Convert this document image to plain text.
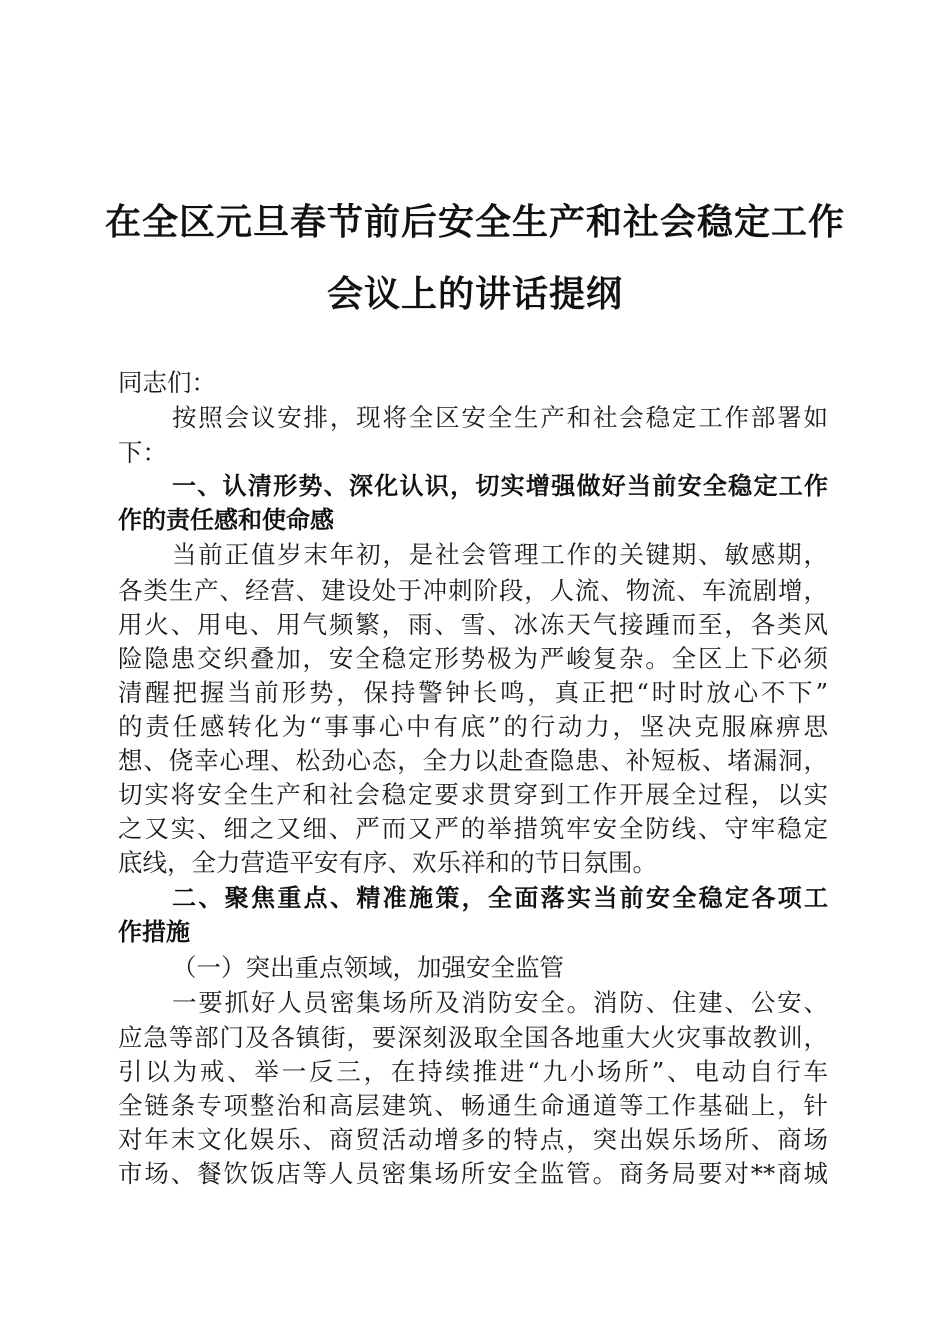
在全区元旦春节前后安全生产和社会稳定工作
会议上的讲话提纲
同志们：
按照会议安排，现将全区安全生产和社会稳定工作部署如
下：
一、认清形势、深化认识，切实增强做好当前安全稳定工作
作的责任感和使命感
当前正值岁末年初，是社会管理工作的关键期、敏感期，
各类生产、经营、建设处于冲刺阶段，人流、物流、车流剧增，
用火、用电、用气频繁，雨、雪、冰冻天气接踵而至，各类风
险隐患交织叠加，安全稳定形势极为严峻复杂。全区上下必须
清醒把握当前形势，保持警钟长鸣，真正把“时时放心不下”
的责任感转化为“事事心中有底”的行动力，坚决克服麻痹思
想、侥幸心理、松劲心态，全力以赴查隐患、补短板、堵漏洞，
切实将安全生产和社会稳定要求贯穿到工作开展全过程，以实
之又实、细之又细、严而又严的举措筑牢安全防线、守牢稳定
底线，全力营造平安有序、欢乐祥和的节日氛围。
二、聚焦重点、精准施策，全面落实当前安全稳定各项工
作措施
（一）突出重点领域，加强安全监管
一要抓好人员密集场所及消防安全。消防、住建、公安、
应急等部门及各镇街，要深刻汲取全国各地重大火灾事故教训，
引以为戒、举一反三，在持续推进“九小场所”、电动自行车
全链条专项整治和高层建筑、畅通生命通道等工作基础上，针
对年末文化娱乐、商贸活动增多的特点，突出娱乐场所、商场
市场、餐饮饭店等人员密集场所安全监管。商务局要对**商城
